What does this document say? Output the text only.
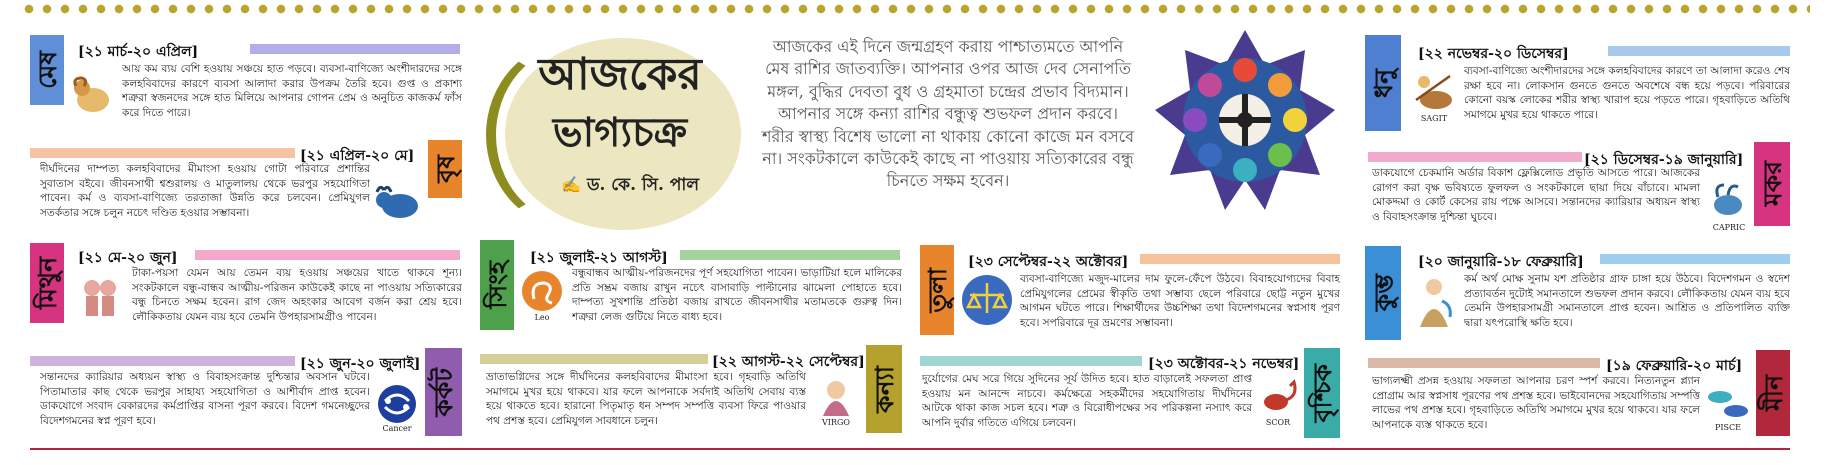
মেষ [২১ মার্চ-২০ এপ্রিল]
আয় কম ব্যয় বেশি হওয়ায় সঞ্চয়ে হাত পড়বে। ব্যবসা-বাণিজ্যে অংশীদারদের সঙ্গে কলহবিবাদের কারণে ব্যবসা আলাদা করার উপক্রম তৈরি হবে। গুপ্ত ও প্রকাশ্য শত্রুরা স্বজনদের সঙ্গে হাত মিলিয়ে আপনার গোপন প্রেম ও অনুচিত কাজকর্ম ফাঁস করে দিতে পারে।
[২১ এপ্রিল-২০ মে] বৃষ
দীর্ঘদিনের দাম্পত্য কলহবিবাদের মীমাংসা হওয়ায় গোটা পরিবারে প্রশান্তির সুবাতাস বইবে। জীবনসাথী শ্বশুরালয় ও মাতুলালয় থেকে ভরপুর সহযোগিতা পাবেন। কর্ম ও ব্যবসা-বাণিজ্যে তরতাজা উন্নতি করে চলবেন। প্রেমিযুগল সতর্কতার সঙ্গে চলুন নচেৎ দণ্ডিত হওয়ার সম্ভাবনা।
মিথুন [২১ মে-২০ জুন]
টাকা-পয়সা যেমন আয় তেমন ব্যয় হওয়ায় সঞ্চয়ের খাতে থাকবে শূন্য। সংকটকালে বন্ধু-বান্ধব আত্মীয়-পরিজন কাউকেই কাছে না পাওয়ায় সত্যিকারের বন্ধু চিনতে সক্ষম হবেন। রাগ জেদ অহংকার আবেগ বর্জন করা শ্রেয় হবে। লৌকিকতায় যেমন ব্যয় হবে তেমনি উপহারসামগ্রীও পাবেন।
[২১ জুন-২০ জুলাই]
কর্কট
সন্তানদের ক্যারিয়ার অধ্যয়ন স্বাস্থ্য ও বিবাহসংক্রান্ত দুশ্চিন্তার অবসান ঘটবে। পিতামাতার কাছ থেকে ভরপুর সাহায্য সহযোগিতা ও আশীর্বাদ প্রাপ্ত হবেন। ডাকযোগে সংবাদ বেকারদের কর্মপ্রাপ্তির বাসনা পূরণ করবে। বিদেশ গমনেচ্ছুদের বিদেশগমনের স্বপ্ন পূরণ হবে।
Cancer
আজকের
ভাগ্যচক্র
✍ ড. কে. সি. পাল
আজকের এই দিনে জন্মগ্রহণ করায় পাশ্চাত্যমতে আপনি মেষ রাশির জাতব্যক্তি। আপনার ওপর আজ দেব সেনাপতি মঙ্গল, বুদ্ধির দেবতা বুধ ও গ্রহমাতা চন্দ্রের প্রভাব বিদ্যমান। আপনার সঙ্গে কন্যা রাশির বন্ধুত্ব শুভফল প্রদান করবে। শরীর স্বাস্থ্য বিশেষ ভালো না থাকায় কোনো কাজে মন বসবে না। সংকটকালে কাউকেই কাছে না পাওয়ায় সত্যিকারের বন্ধু চিনতে সক্ষম হবেন।
সিংহ
[২১ জুলাই-২১ আগস্ট]
Leo
বন্ধুবান্ধব আত্মীয়-পরিজনদের পূর্ণ সহযোগিতা পাবেন। ভাড়াটিয়া হলে মালিকের প্রতি সম্ভ্রম বজায় রাখুন নচেৎ বাসাবাড়ি পাল্টানোর ঝামেলা পোহাতে হবে। দাম্পত্য সুখশান্তি প্রতিষ্ঠা বজায় রাখতে জীবনসাথীর মতামতকে গুরুত্ব দিন। শত্রুরা লেজ গুটিয়ে নিতে বাধ্য হবে।
[২২ আগস্ট-২২ সেপ্টেম্বর]
কন্যা
ভ্রাতাভগ্নিদের সঙ্গে দীর্ঘদিনের কলহবিবাদের মীমাংসা হবে। গৃহবাড়ি অতিথি সমাগমে মুখর হয়ে থাকবে। যার ফলে আপনাকে সর্বদাই অতিথি সেবায় ব্যস্ত হয়ে থাকতে হবে। হারানো পিতৃমাতৃ ধন সম্পদ সম্পত্তি ব্যবসা ফিরে পাওয়ার পথ প্রশস্ত হবে। প্রেমিযুগল সাবধানে চলুন।	VIRGO
তুলা
[২৩ সেপ্টেম্বর-২২ অক্টোবর]
ব্যবসা-বাণিজ্যে মজুদ-মালের দাম ফুলে-ফেঁপে উঠবে। বিবাহযোগ্যদের বিবাহ প্রেমিযুগলের প্রেমের স্বীকৃতি তথা সম্ভাব্য ছেলে পরিবারে ছোট্ট নতুন মুখের আগমন ঘটতে পারে। শিক্ষার্থীদের উচ্চশিক্ষা তথা বিদেশগমনের স্বপ্নসাধ পূরণ হবে। সপরিবারে দূর ভ্রমণের সম্ভাবনা।
[২৩ অক্টোবর-২১ নভেম্বর] বৃশ্চিক
দুর্যোগের মেঘ সরে গিয়ে সুদিনের সূর্য উদিত হবে। হাত বাড়ালেই সফলতা প্রাপ্ত হওয়ায় মন আনন্দে নাচবে। কর্মক্ষেত্রে সহকর্মীদের সহযোগিতায় দীর্ঘদিনের আটকে থাকা কাজ সচল হবে। শত্রু ও বিরোধীপক্ষের সব পরিকল্পনা নস্যাৎ করে আপনি দুর্বার গতিতে এগিয়ে চলবেন।	SCOR
ধনু
[২২ নভেম্বর-২০ ডিসেম্বর]
SAGIT
ব্যবসা-বাণিজ্যে অংশীদারদের সঙ্গে কলহবিবাদের কারণে তা আলাদা করেও শেষ রক্ষা হবে না। লোকসান গুনতে গুনতে অবশেষে বন্ধ হয়ে পড়বে। পরিবারের কোনো বয়স্ক লোকের শরীর স্বাস্থ্য খারাপ হয়ে পড়তে পারে। গৃহবাড়িতে অতিথি সমাগমে মুখর হয়ে থাকতে পারে।
[২১ ডিসেম্বর-১৯ জানুয়ারি]
মকর
ডাকযোগে চেকমানি অর্ডার বিকাশ ফ্লেক্সিলোড প্রভৃতি আসতে পারে। আজকের রোগণ করা বৃক্ষ ভবিষ্যতে ফুলফল ও সংকটকালে ছায়া দিয়ে বাঁচাবে। মামলা মোকদ্দমা ও কোর্ট কেসের রায় পক্ষে আসবে। সন্তানদের ক্যারিয়ার অধ্যয়ন স্বাস্থ্য ও বিবাহসংক্রান্ত দুশ্চিন্তা ঘুচবে।
CAPRIC
কুম্ভ
[২০ জানুয়ারি-১৮ ফেব্রুয়ারি]
কর্ম অর্থ মোক্ষ সুনাম যশ প্রতিষ্ঠার গ্রাফ চাঙ্গা হয়ে উঠবে। বিদেশগমন ও স্বদেশ প্রত্যাবর্তন দুটোই সমানতালে শুভফল প্রদান করবে। লৌকিকতায় যেমন ব্যয় হবে তেমনি উপহারসামগ্রী সমানতালে প্রাপ্ত হবেন। আশ্রিত ও প্রতিপালিত ব্যক্তি দ্বারা যৎপরোস্থি ক্ষতি হবে।
[১৯ ফেব্রুয়ারি-২০ মার্চ]
মীন
ভাগ্যলক্ষ্মী প্রসন্ন হওয়ায় সফলতা আপনার চরণ স্পর্শ করবে। নিত্যনতুন প্ল্যান প্রোগ্রাম আর স্বপ্নসাধ পূরণের পথ প্রশস্ত হবে। ভাইবোনদের সহযোগিতায় সম্পত্তি লাভের পথ প্রশস্ত হবে। গৃহবাড়িতে অতিথি সমাগমে মুখর হয়ে থাকবে। যার ফলে আপনাকে ব্যস্ত থাকতে হবে।	PISCE
